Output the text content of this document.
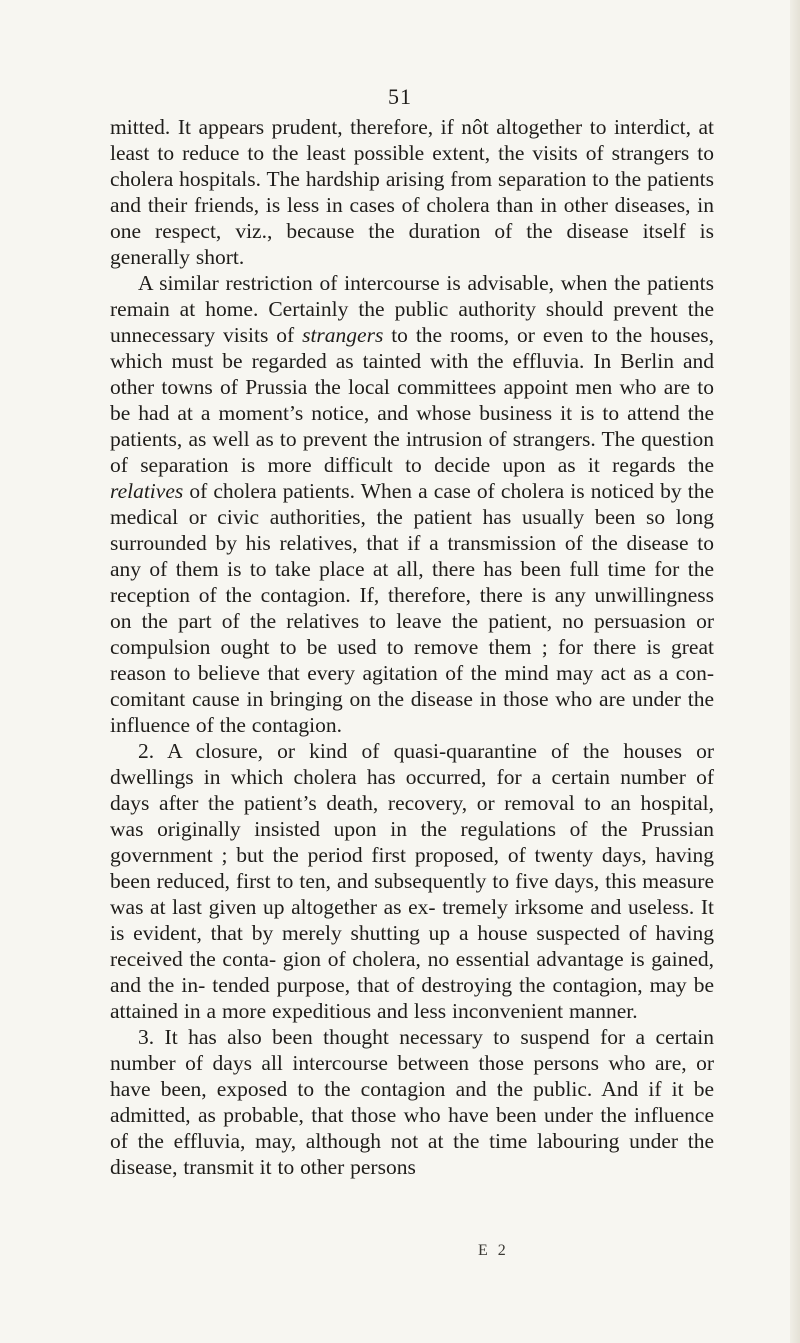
51

mitted. It appears prudent, therefore, if nôt altogether to interdict, at least to reduce to the least possible extent, the visits of strangers to cholera hospitals. The hardship arising from separation to the patients and their friends, is less in cases of cholera than in other diseases, in one respect, viz., because the duration of the disease itself is generally short.

A similar restriction of intercourse is advisable, when the patients remain at home. Certainly the public authority should prevent the unnecessary visits of strangers to the rooms, or even to the houses, which must be regarded as tainted with the effluvia. In Berlin and other towns of Prussia the local committees appoint men who are to be had at a moment’s notice, and whose business it is to attend the patients, as well as to prevent the intrusion of strangers. The question of separation is more difficult to decide upon as it regards the relatives of cholera patients. When a case of cholera is noticed by the medical or civic authorities, the patient has usually been so long surrounded by his relatives, that if a transmission of the disease to any of them is to take place at all, there has been full time for the reception of the contagion. If, therefore, there is any unwillingness on the part of the relatives to leave the patient, no persuasion or compulsion ought to be used to remove them ; for there is great reason to believe that every agitation of the mind may act as a con- comitant cause in bringing on the disease in those who are under the influence of the contagion.

2. A closure, or kind of quasi-quarantine of the houses or dwellings in which cholera has occurred, for a certain number of days after the patient’s death, recovery, or removal to an hospital, was originally insisted upon in the regulations of the Prussian government ; but the period first proposed, of twenty days, having been reduced, first to ten, and subsequently to five days, this measure was at last given up altogether as ex- tremely irksome and useless. It is evident, that by merely shutting up a house suspected of having received the conta- gion of cholera, no essential advantage is gained, and the in- tended purpose, that of destroying the contagion, may be attained in a more expeditious and less inconvenient manner.

3. It has also been thought necessary to suspend for a certain number of days all intercourse between those persons who are, or have been, exposed to the contagion and the public. And if it be admitted, as probable, that those who have been under the influence of the effluvia, may, although not at the time labouring under the disease, transmit it to other persons

E 2
